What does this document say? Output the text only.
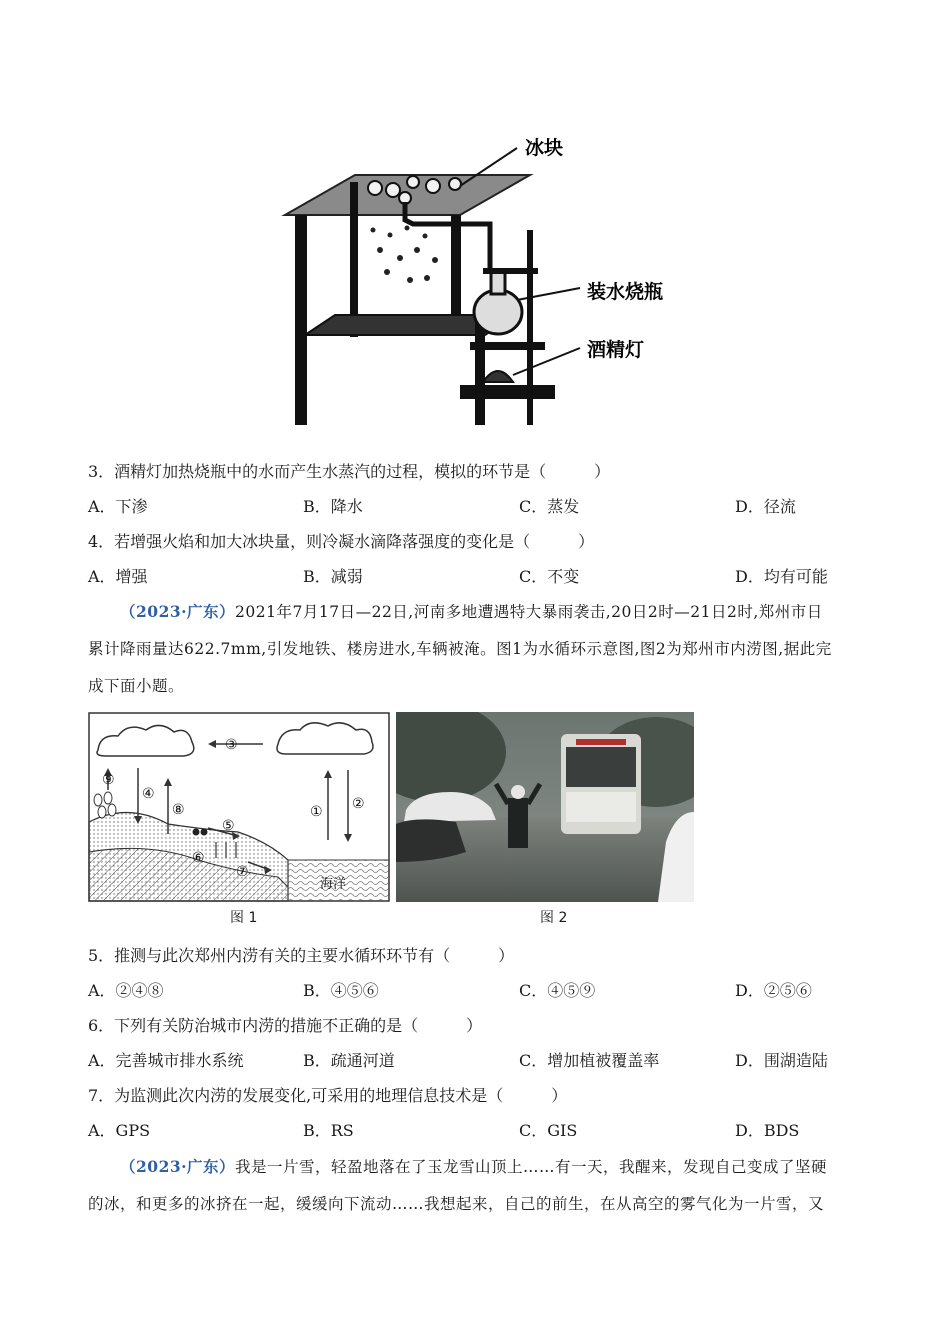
冰块
装水烧瓶
酒精灯
3．酒精灯加热烧瓶中的水而产生水蒸汽的过程，模拟的环节是（　　　）
A．下渗	B．降水	C．蒸发	D．径流
4．若增强火焰和加大冰块量，则冷凝水滴降落强度的变化是（　　　）
A．增强	B．减弱	C．不变	D．均有可能
（2023·广东）2021年7月17日—22日,河南多地遭遇特大暴雨袭击,20日2时—21日2时,郑州市日
累计降雨量达622.7mm,引发地铁、楼房进水,车辆被淹。图1为水循环示意图,图2为郑州市内涝图,据此完
成下面小题。
③
⑨
④
⑧	① ②
⑤
⑥
⑦
海洋
图 1	图 2
5．推测与此次郑州内涝有关的主要水循环环节有（　　　）
A．②④⑧	B．④⑤⑥	C．④⑤⑨	D．②⑤⑥
6．下列有关防治城市内涝的措施不正确的是（　　　）
A．完善城市排水系统	B．疏通河道	C．增加植被覆盖率	D．围湖造陆
7．为监测此次内涝的发展变化,可采用的地理信息技术是（　　　）
A．GPS	B．RS	C．GIS	D．BDS
（2023·广东）我是一片雪，轻盈地落在了玉龙雪山顶上……有一天，我醒来，发现自己变成了坚硬
的冰，和更多的冰挤在一起，缓缓向下流动……我想起来，自己的前生，在从高空的雾气化为一片雪，又
